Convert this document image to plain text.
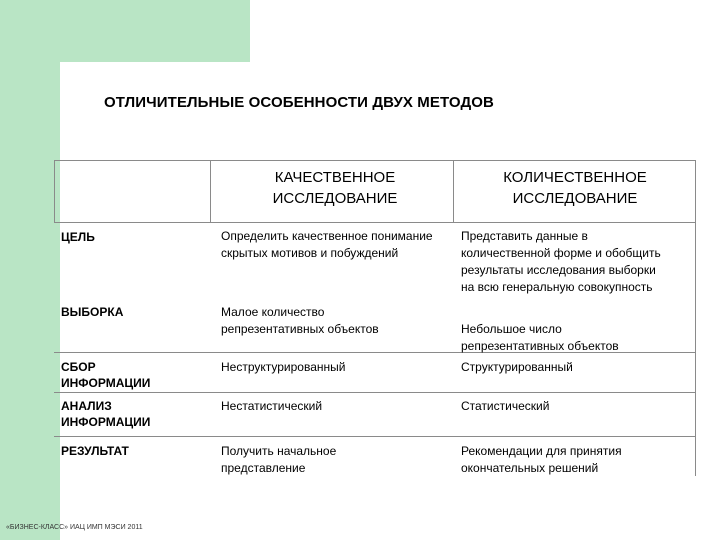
ОТЛИЧИТЕЛЬНЫЕ ОСОБЕННОСТИ ДВУХ МЕТОДОВ
КАЧЕСТВЕННОЕ ИССЛЕДОВАНИЕ
КОЛИЧЕСТВЕННОЕ ИССЛЕДОВАНИЕ
ЦЕЛЬ
ВЫБОРКА
СБОР ИНФОРМАЦИИ
АНАЛИЗ ИНФОРМАЦИИ
РЕЗУЛЬТАТ
Определить качественное понимание скрытых мотивов и побуждений
Малое количество репрезентативных объектов
Неструктурированный
Нестатистический
Получить начальное представление
Представить данные в количественной форме и обобщить результаты исследования выборки на всю генеральную совокупность
Небольшое число репрезентативных объектов
Структурированный
Статистический
Рекомендации для принятия окончательных решений
«БИЗНЕС-КЛАСС» ИАЦ ИМП МЭСИ 2011
